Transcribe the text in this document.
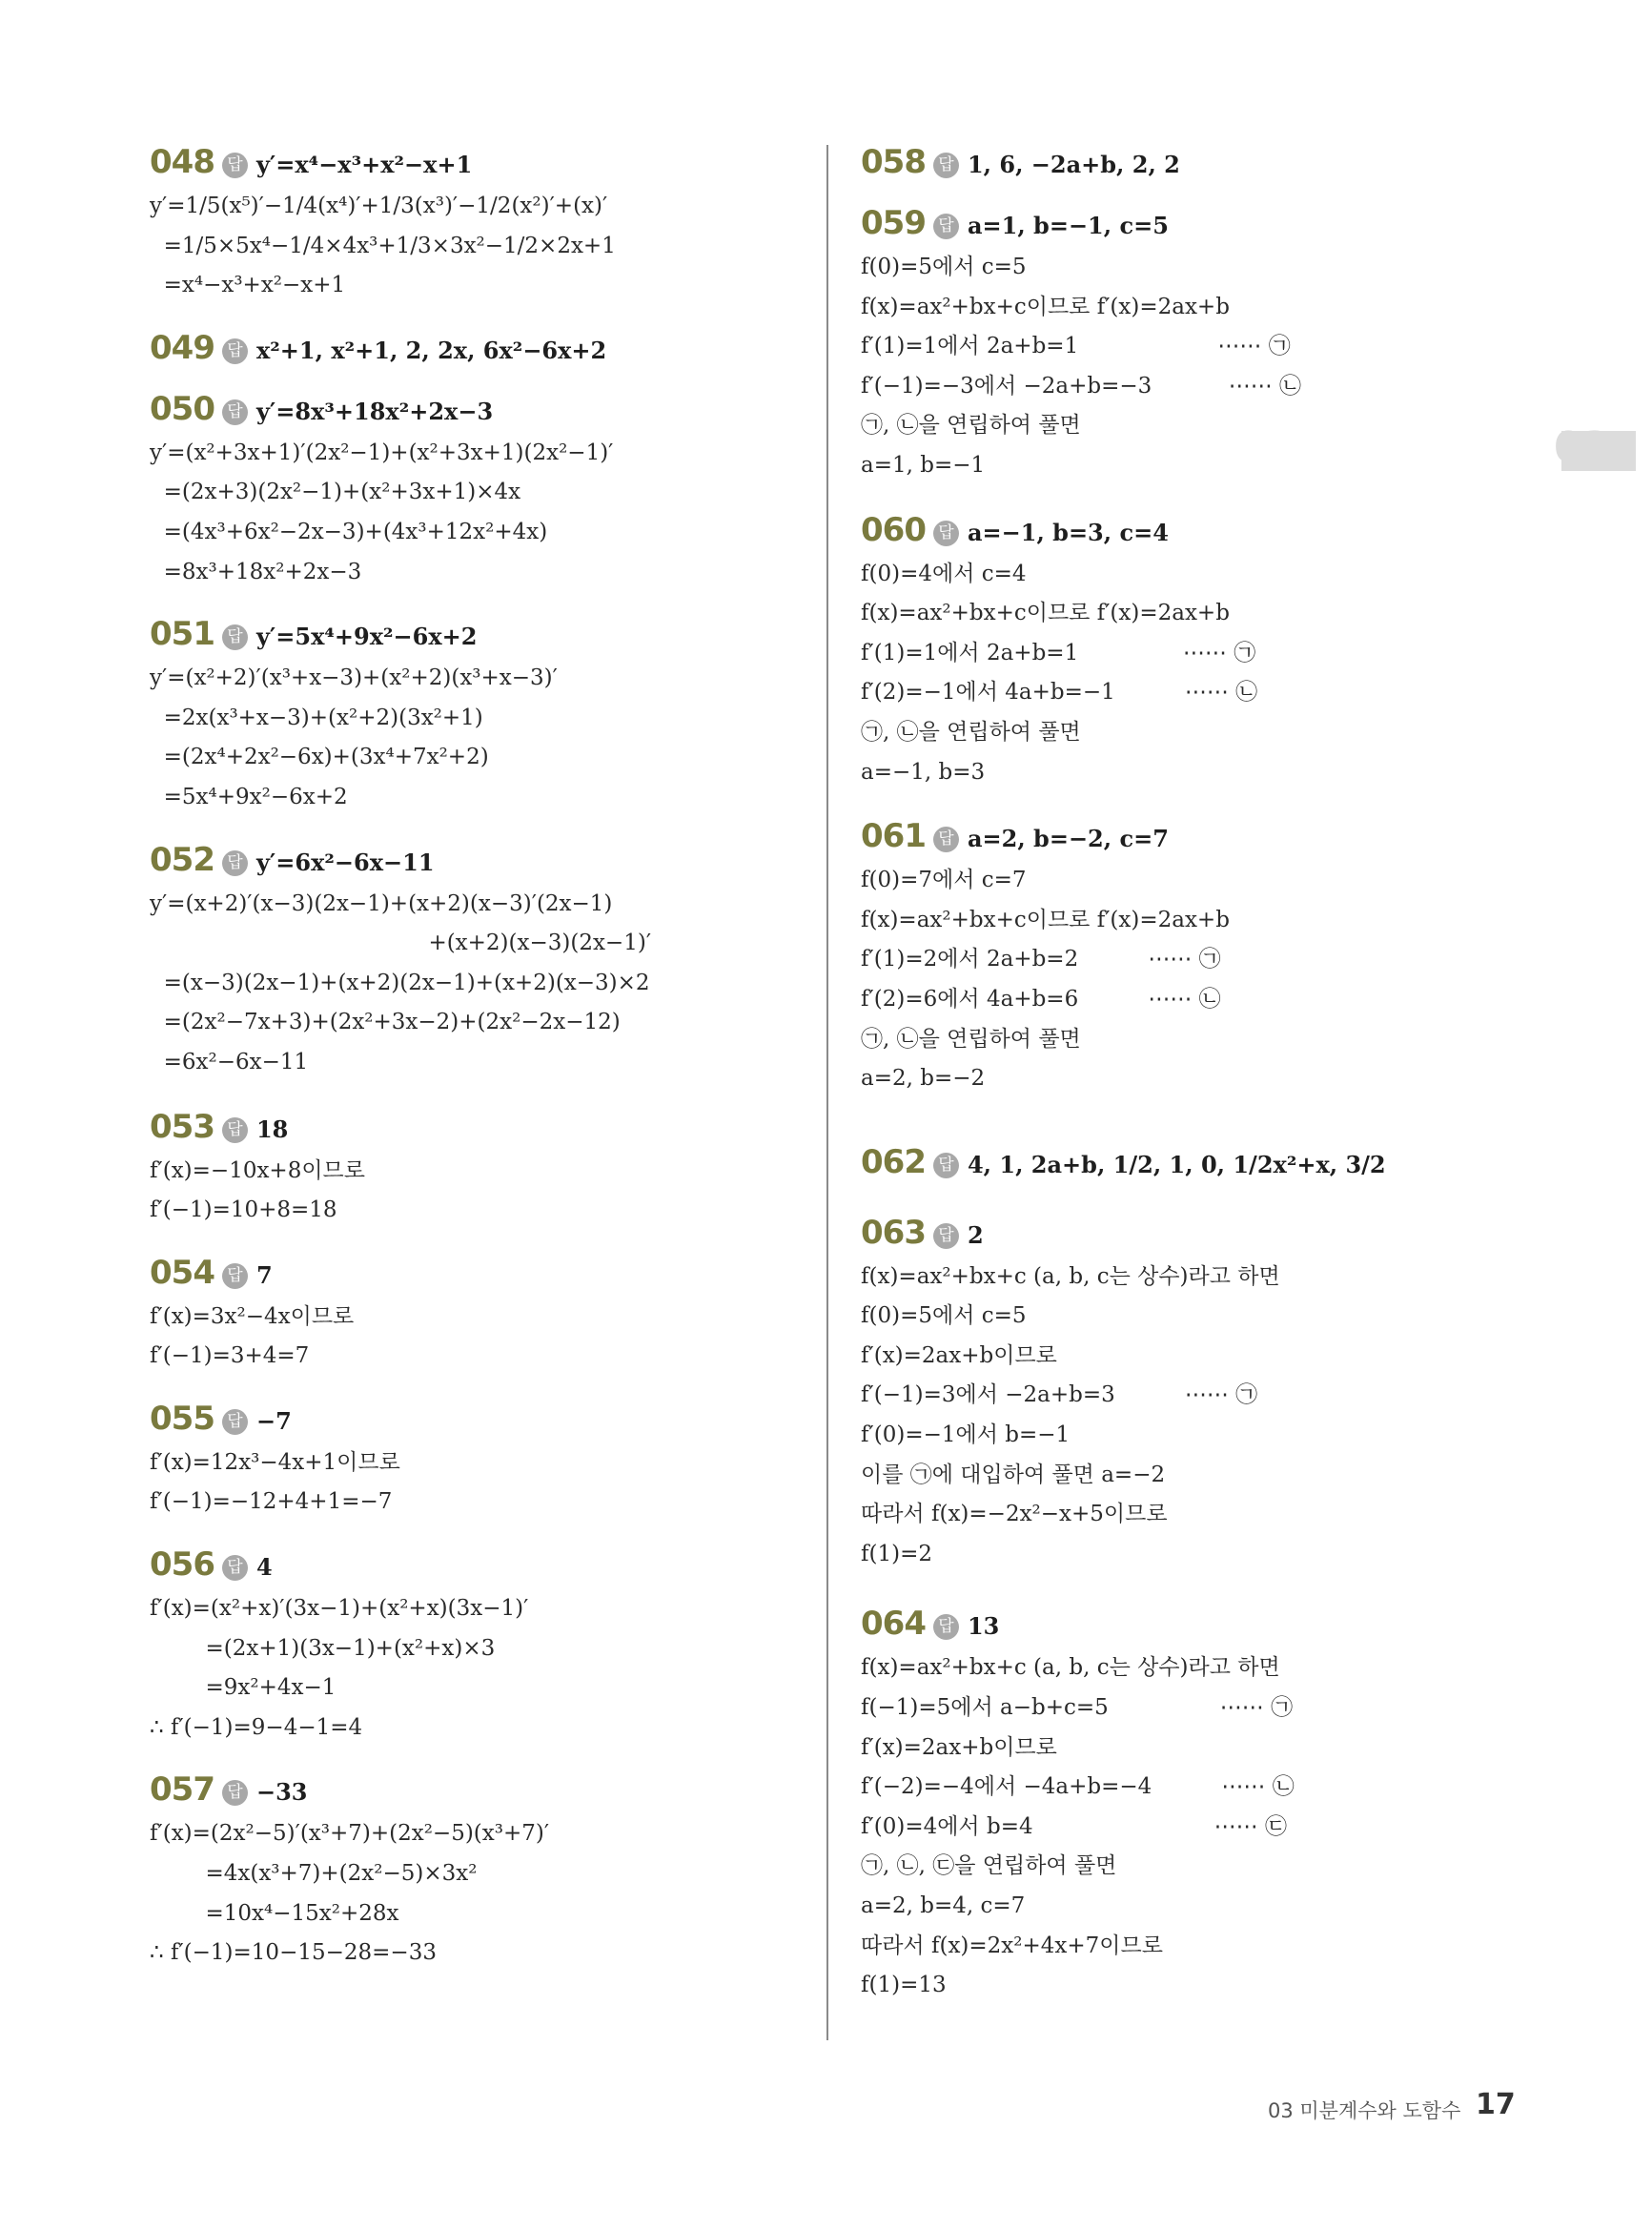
048 답 y′=x⁴−x³+x²−x+1
y′=1/5(x⁵)′−1/4(x⁴)′+1/3(x³)′−1/2(x²)′+(x)′
=1/5×5x⁴−1/4×4x³+1/3×3x²−1/2×2x+1
=x⁴−x³+x²−x+1
049 답 x²+1, x²+1, 2, 2x, 6x²−6x+2
050 답 y′=8x³+18x²+2x−3
y′=(x²+3x+1)′(2x²−1)+(x²+3x+1)(2x²−1)′
=(2x+3)(2x²−1)+(x²+3x+1)×4x
=(4x³+6x²−2x−3)+(4x³+12x²+4x)
=8x³+18x²+2x−3
051 답 y′=5x⁴+9x²−6x+2
y′=(x²+2)′(x³+x−3)+(x²+2)(x³+x−3)′
=2x(x³+x−3)+(x²+2)(3x²+1)
=(2x⁴+2x²−6x)+(3x⁴+7x²+2)
=5x⁴+9x²−6x+2
052 답 y′=6x²−6x−11
y′=(x+2)′(x−3)(2x−1)+(x+2)(x−3)′(2x−1)
+(x+2)(x−3)(2x−1)′
=(x−3)(2x−1)+(x+2)(2x−1)+(x+2)(x−3)×2
=(2x²−7x+3)+(2x²+3x−2)+(2x²−2x−12)
=6x²−6x−11
053 답 18
f′(x)=−10x+8이므로
f′(−1)=10+8=18
054 답 7
f′(x)=3x²−4x이므로
f′(−1)=3+4=7
055 답 −7
f′(x)=12x³−4x+1이므로
f′(−1)=−12+4+1=−7
056 답 4
f′(x)=(x²+x)′(3x−1)+(x²+x)(3x−1)′
=(2x+1)(3x−1)+(x²+x)×3
=9x²+4x−1
∴ f′(−1)=9−4−1=4
057 답 −33
f′(x)=(2x²−5)′(x³+7)+(2x²−5)(x³+7)′
=4x(x³+7)+(2x²−5)×3x²
=10x⁴−15x²+28x
∴ f′(−1)=10−15−28=−33
058 답 1, 6, −2a+b, 2, 2
059 답 a=1, b=−1, c=5
f(0)=5에서 c=5
f(x)=ax²+bx+c이므로 f′(x)=2ax+b
f′(1)=1에서 2a+b=1                    ⋯⋯ ㉠
f′(−1)=−3에서 −2a+b=−3           ⋯⋯ ㉡
㉠, ㉡을 연립하여 풀면
a=1, b=−1
060 답 a=−1, b=3, c=4
f(0)=4에서 c=4
f(x)=ax²+bx+c이므로 f′(x)=2ax+b
f′(1)=1에서 2a+b=1               ⋯⋯ ㉠
f′(2)=−1에서 4a+b=−1          ⋯⋯ ㉡
㉠, ㉡을 연립하여 풀면
a=−1, b=3
061 답 a=2, b=−2, c=7
f(0)=7에서 c=7
f(x)=ax²+bx+c이므로 f′(x)=2ax+b
f′(1)=2에서 2a+b=2          ⋯⋯ ㉠
f′(2)=6에서 4a+b=6          ⋯⋯ ㉡
㉠, ㉡을 연립하여 풀면
a=2, b=−2
062 답 4, 1, 2a+b, 1/2, 1, 0, 1/2x²+x, 3/2
063 답 2
f(x)=ax²+bx+c (a, b, c는 상수)라고 하면
f(0)=5에서 c=5
f′(x)=2ax+b이므로
f′(−1)=3에서 −2a+b=3          ⋯⋯ ㉠
f′(0)=−1에서 b=−1
이를 ㉠에 대입하여 풀면 a=−2
따라서 f(x)=−2x²−x+5이므로
f(1)=2
064 답 13
f(x)=ax²+bx+c (a, b, c는 상수)라고 하면
f(−1)=5에서 a−b+c=5                ⋯⋯ ㉠
f′(x)=2ax+b이므로
f′(−2)=−4에서 −4a+b=−4          ⋯⋯ ㉡
f′(0)=4에서 b=4                          ⋯⋯ ㉢
㉠, ㉡, ㉢을 연립하여 풀면
a=2, b=4, c=7
따라서 f(x)=2x²+4x+7이므로
f(1)=13
03
03 미분계수와 도함수 17
